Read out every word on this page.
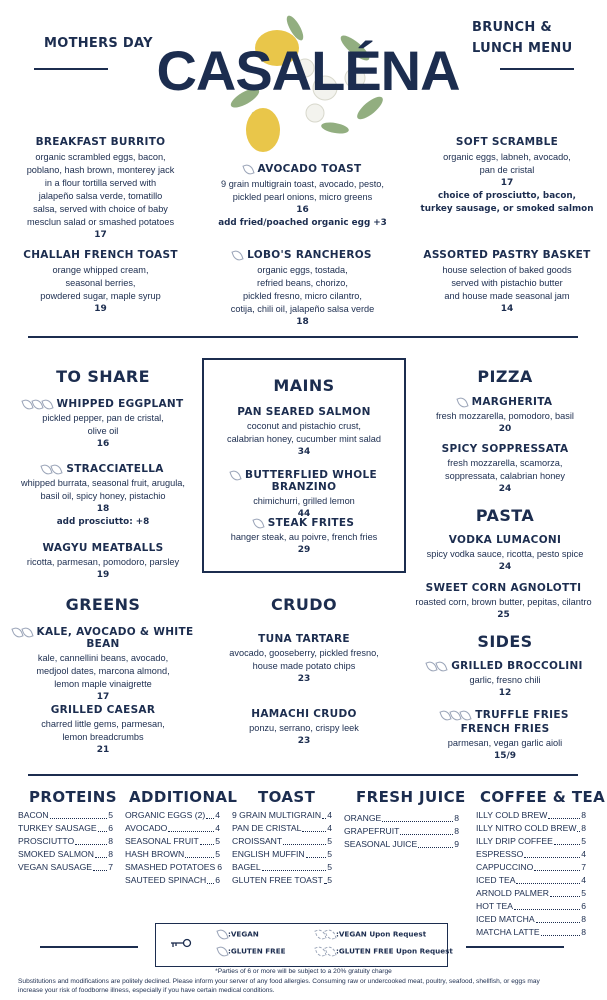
MOTHERS DAY
BRUNCH &
LUNCH MENU
CASALÉNA
BREAKFAST BURRITO
organic scrambled eggs, bacon,
poblano, hash brown, monterey jack
in a flour tortilla served with
jalapeño salsa verde, tomatillo
salsa, served with choice of baby
mesclun salad or smashed potatoes
17
AVOCADO TOAST
9 grain multigrain toast, avocado, pesto,
pickled pearl onions, micro greens
16
add fried/poached organic egg +3
SOFT SCRAMBLE
organic eggs, labneh, avocado,
pan de cristal
17
choice of prosciutto, bacon,
turkey sausage, or smoked salmon
CHALLAH FRENCH TOAST
orange whipped cream,
seasonal berries,
powdered sugar, maple syrup
19
LOBO'S RANCHEROS
organic eggs, tostada,
refried beans, chorizo,
pickled fresno, micro cilantro,
cotija, chili oil, jalapeño salsa verde
18
ASSORTED PASTRY BASKET
house selection of baked goods
served with pistachio butter
and house made seasonal jam
14
TO SHARE
WHIPPED EGGPLANT
pickled pepper, pan de cristal,
olive oil
16
STRACCIATELLA
whipped burrata, seasonal fruit, arugula,
basil oil, spicy honey, pistachio
18
add prosciutto: +8
WAGYU MEATBALLS
ricotta, parmesan, pomodoro, parsley
19
MAINS
PAN SEARED SALMON
coconut and pistachio crust,
calabrian honey, cucumber mint salad
34
BUTTERFLIED WHOLE BRANZINO
chimichurri, grilled lemon
44
STEAK FRITES
hanger steak, au poivre, french fries
29
PIZZA
MARGHERITA
fresh mozzarella, pomodoro, basil
20
SPICY SOPPRESSATA
fresh mozzarella, scamorza,
soppressata, calabrian honey
24
PASTA
VODKA LUMACONI
spicy vodka sauce, ricotta, pesto spice
24
SWEET CORN AGNOLOTTI
roasted corn, brown butter, pepitas, cilantro
25
GREENS
KALE, AVOCADO & WHITE BEAN
kale, cannellini beans, avocado,
medjool dates, marcona almond,
lemon maple vinaigrette
17
GRILLED CAESAR
charred little gems, parmesan,
lemon breadcrumbs
21
CRUDO
TUNA TARTARE
avocado, gooseberry, pickled fresno,
house made potato chips
23
HAMACHI CRUDO
ponzu, serrano, crispy leek
23
SIDES
GRILLED BROCCOLINI
garlic, fresno chili
12
TRUFFLE FRIES
FRENCH FRIES
parmesan, vegan garlic aioli
15/9
PROTEINS
BACON	5
TURKEY SAUSAGE 6
PROSCIUTTO	8
SMOKED SALMON 8
VEGAN SAUSAGE 7
ADDITIONAL
ORGANIC EGGS (2) 4
AVOCADO	4
SEASONAL FRUIT 5
HASH BROWN	5
SMASHED POTATOES 6
SAUTEED SPINACH 6
TOAST
9 GRAIN MULTIGRAIN 4
PAN DE CRISTAL	4
CROISSANT	5
ENGLISH MUFFIN	5
BAGEL	5
GLUTEN FREE TOAST 5
FRESH JUICE
ORANGE	8
GRAPEFRUIT	8
SEASONAL JUICE	9
COFFEE & TEA
ILLY COLD BREW	8
ILLY NITRO COLD BREW 8
ILLY DRIP COFFEE	5
ESPRESSO	4
CAPPUCCINO	7
ICED TEA	4
ARNOLD PALMER	5
HOT TEA	6
ICED MATCHA	8
MATCHA LATTE	8
:VEGAN
:GLUTEN FREE
:VEGAN Upon Request
:GLUTEN FREE Upon Request
*Parties of 6 or more will be subject to a 20% gratuity charge
Substitutions and modifications are politely declined. Please inform your server of any food allergies. Consuming raw or undercooked meat, poultry, seafood, shellfish, or eggs may
increase your risk of foodborne illness, especially if you have certain medical conditions.
